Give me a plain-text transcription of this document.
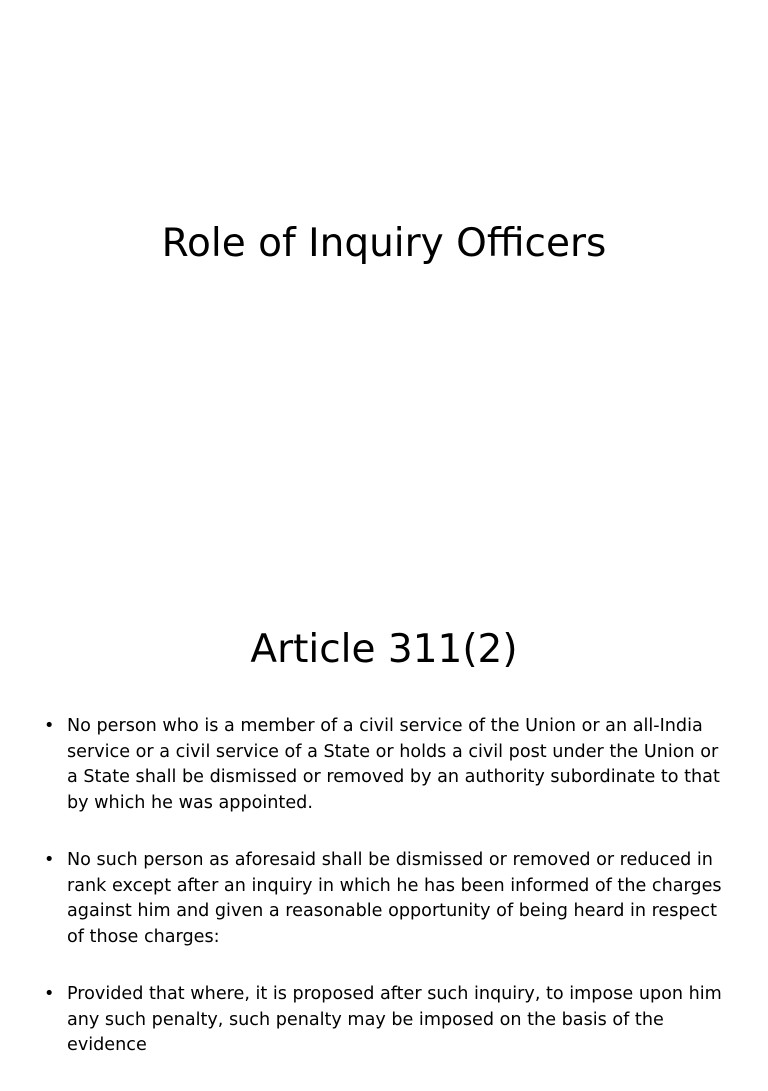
Role of Inquiry Officers
Article 311(2)
• No person who is a member of a civil service of the Union or an all-India service or a civil service of a State or holds a civil post under the Union or a State shall be dismissed or removed by an authority subordinate to that by which he was appointed.
• No such person as aforesaid shall be dismissed or removed or reduced in rank except after an inquiry in which he has been informed of the charges against him and given a reasonable opportunity of being heard in respect of those charges:
• Provided that where, it is proposed after such inquiry, to impose upon him any such penalty, such penalty may be imposed on the basis of the evidence
